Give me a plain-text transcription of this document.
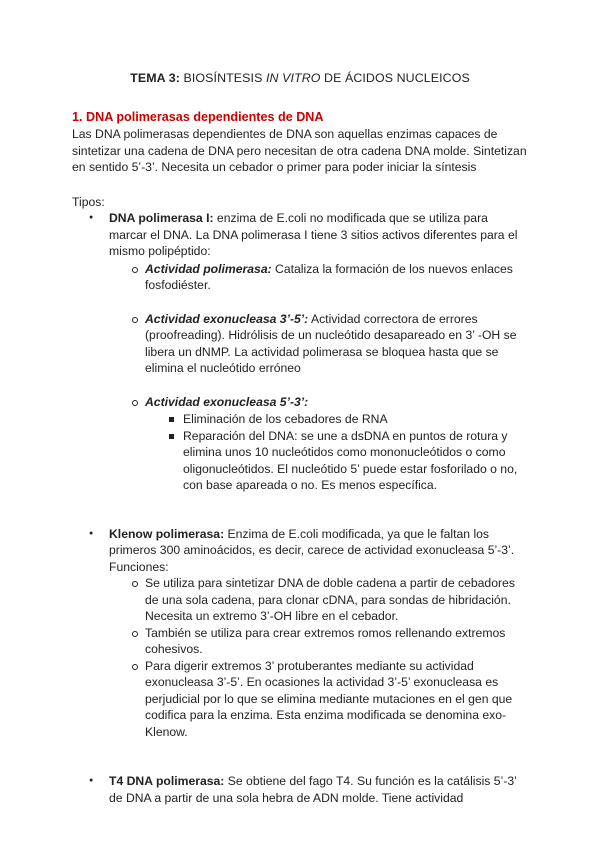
TEMA 3: BIOSÍNTESIS IN VITRO DE ÁCIDOS NUCLEICOS

1. DNA polimerasas dependientes de DNA

Las DNA polimerasas dependientes de DNA son aquellas enzimas capaces de sintetizar una cadena de DNA pero necesitan de otra cadena DNA molde. Sintetizan en sentido 5’-3’. Necesita un cebador o primer para poder iniciar la síntesis

Tipos:

● DNA polimerasa I: enzima de E.coli no modificada que se utiliza para marcar el DNA. La DNA polimerasa I tiene 3 sitios activos diferentes para el mismo polipéptido:
Actividad polimerasa: Cataliza la formación de los nuevos enlaces fosfodiéster.
Actividad exonucleasa 3’-5’: Actividad correctora de errores (proofreading). Hidrólisis de un nucleótido desapareado en 3’ -OH se libera un dNMP. La actividad polimerasa se bloquea hasta que se elimina el nucleótido erróneo
Actividad exonucleasa 5’-3’:
Eliminación de los cebadores de RNA
Reparación del DNA: se une a dsDNA en puntos de rotura y elimina unos 10 nucleótidos como mononucleótidos o como oligonucleótidos. El nucleótido 5’ puede estar fosforilado o no, con base apareada o no. Es menos específica.
● Klenow polimerasa: Enzima de E.coli modificada, ya que le faltan los primeros 300 aminoácidos, es decir, carece de actividad exonucleasa 5’-3’. Funciones:
Se utiliza para sintetizar DNA de doble cadena a partir de cebadores de una sola cadena, para clonar cDNA, para sondas de hibridación. Necesita un extremo 3’-OH libre en el cebador.
También se utiliza para crear extremos romos rellenando extremos cohesivos.
Para digerir extremos 3’ protuberantes mediante su actividad exonucleasa 3’-5’. En ocasiones la actividad 3’-5’ exonucleasa es perjudicial por lo que se elimina mediante mutaciones en el gen que codifica para la enzima. Esta enzima modificada se denomina exo- Klenow.
● T4 DNA polimerasa: Se obtiene del fago T4. Su función es la catálisis 5’-3’ de DNA a partir de una sola hebra de ADN molde. Tiene actividad
